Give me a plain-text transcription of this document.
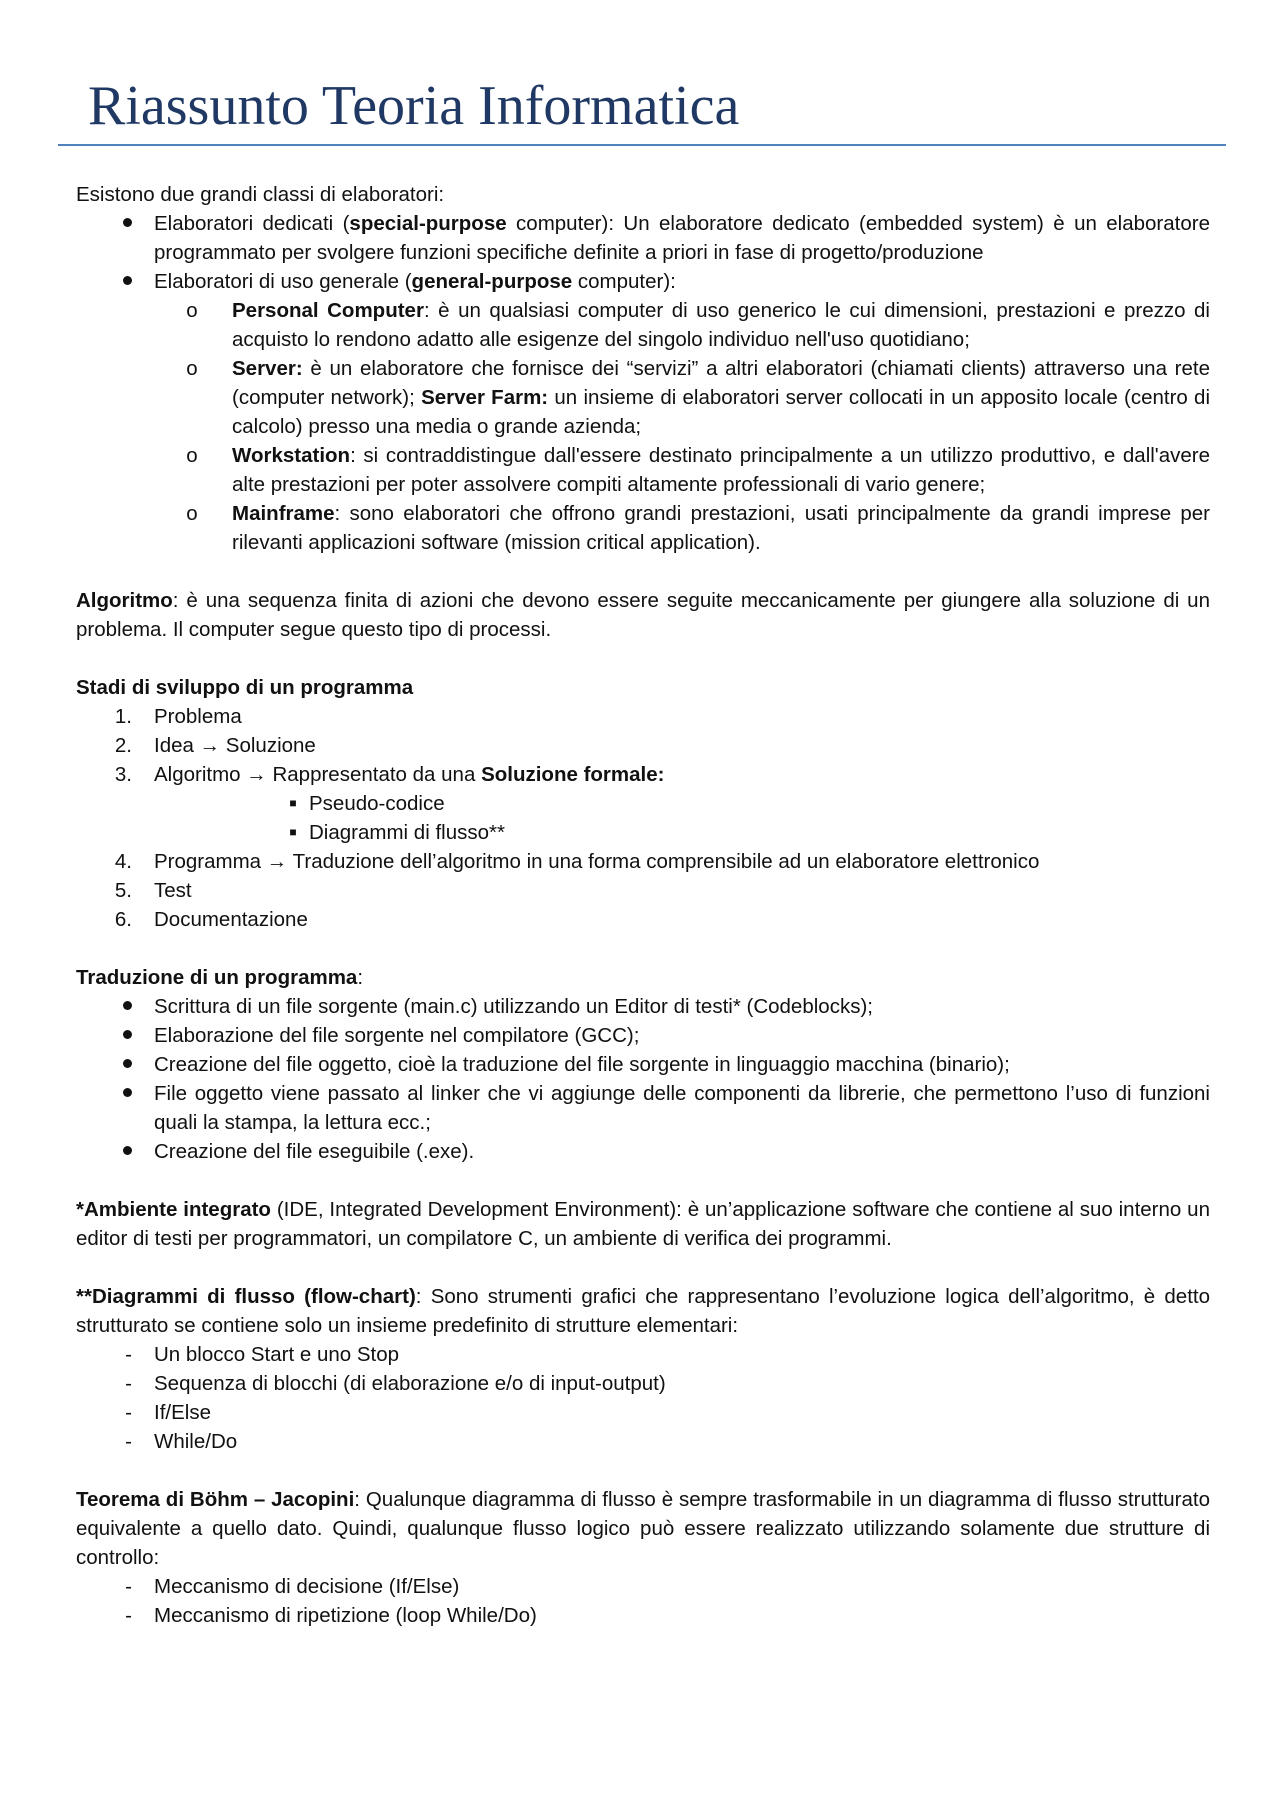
Riassunto Teoria Informatica

Esistono due grandi classi di elaboratori:

Elaboratori dedicati (special-purpose computer): Un elaboratore dedicato (embedded system) è un elaboratore programmato per svolgere funzioni specifiche definite a priori in fase di progetto/produzione
Elaboratori di uso generale (general-purpose computer):
o	Personal Computer: è un qualsiasi computer di uso generico le cui dimensioni, prestazioni e prezzo di acquisto lo rendono adatto alle esigenze del singolo individuo nell'uso quotidiano;
o	Server: è un elaboratore che fornisce dei “servizi” a altri elaboratori (chiamati clients) attraverso una rete (computer network); Server Farm: un insieme di elaboratori server collocati in un apposito locale (centro di calcolo) presso una media o grande azienda;
o	Workstation: si contraddistingue dall'essere destinato principalmente a un utilizzo produttivo, e dall'avere alte prestazioni per poter assolvere compiti altamente professionali di vario genere;
o	Mainframe: sono elaboratori che offrono grandi prestazioni, usati principalmente da grandi imprese per rilevanti applicazioni software (mission critical application).

Algoritmo: è una sequenza finita di azioni che devono essere seguite meccanicamente per giungere alla soluzione di un problema. Il computer segue questo tipo di processi.

Stadi di sviluppo di un programma

1. Problema
2. Idea → Soluzione
3. Algoritmo → Rappresentato da una Soluzione formale:
■ Pseudo-codice
■ Diagrammi di flusso**
4. Programma → Traduzione dell’algoritmo in una forma comprensibile ad un elaboratore elettronico
5. Test
6. Documentazione

Traduzione di un programma:

Scrittura di un file sorgente (main.c) utilizzando un Editor di testi* (Codeblocks);
Elaborazione del file sorgente nel compilatore (GCC);
Creazione del file oggetto, cioè la traduzione del file sorgente in linguaggio macchina (binario);
File oggetto viene passato al linker che vi aggiunge delle componenti da librerie, che permettono l’uso di funzioni quali la stampa, la lettura ecc.;
Creazione del file eseguibile (.exe).

*Ambiente integrato (IDE, Integrated Development Environment): è un’applicazione software che contiene al suo interno un editor di testi per programmatori, un compilatore C, un ambiente di verifica dei programmi.

**Diagrammi di flusso (flow-chart): Sono strumenti grafici che rappresentano l’evoluzione logica dell’algoritmo, è detto strutturato se contiene solo un insieme predefinito di strutture elementari:

- Un blocco Start e uno Stop
- Sequenza di blocchi (di elaborazione e/o di input-output)
- If/Else
- While/Do

Teorema di Böhm – Jacopini: Qualunque diagramma di flusso è sempre trasformabile in un diagramma di flusso strutturato equivalente a quello dato. Quindi, qualunque flusso logico può essere realizzato utilizzando solamente due strutture di controllo:

- Meccanismo di decisione (If/Else)
- Meccanismo di ripetizione (loop While/Do)
